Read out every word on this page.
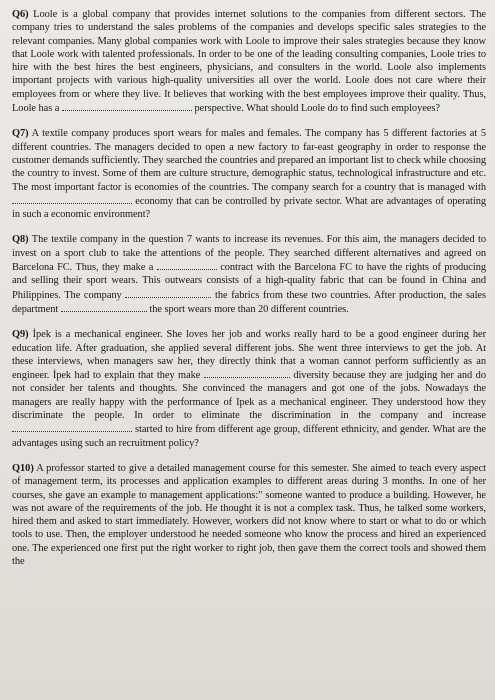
Q6) Loole is a global company that provides internet solutions to the companies from different sectors. The company tries to understand the sales problems of the companies and develops specific sales strategies to the relevant companies. Many global companies work with Loole to improve their sales strategies because they know that Loole work with talented professionals. In order to be one of the leading consulting companies, Loole tries to hire with the best hires the best engineers, physicians, and consulters in the world. Loole also implements important projects with various high-quality universities all over the world. Loole does not care where their employees from or where they live. It believes that working with the best employees improve their quality. Thus, Loole has a	perspective. What should Loole do to find such employees?

Q7) A textile company produces sport wears for males and females. The company has 5 different factories at 5 different countries. The managers decided to open a new factory to far-east geography in order to response the customer demands sufficiently. They searched the countries and prepared an important list to check while choosing the country to invest. Some of them are culture structure, demographic status, technological infrastructure and etc. The most important factor is economies of the countries. The company search for a country that is managed with  economy that can be controlled by private sector. What are advantages of operating in such a economic environment?

Q8) The textile company in the question 7 wants to increase its revenues. For this aim, the managers decided to invest on a sport club to take the attentions of the people. They searched different alternatives and agreed on Barcelona FC. Thus, they make a	contract with the Barcelona FC to have the rights of producing and selling their sport wears. This outwears consists of a high-quality fabric that can be found in China and Philippines. The company	the fabrics from these two countries. After production, the sales department	the sport wears more than 20 different countries.

Q9) İpek is a mechanical engineer. She loves her job and works really hard to be a good engineer during her education life. After graduation, she applied several different jobs. She went three interviews to get the job. At these interviews, when managers saw her, they directly think that a woman cannot perform sufficiently as an engineer. İpek had to explain that they make	diversity because they are judging her and do not consider her talents and thoughts. She convinced the managers and got one of the jobs. Nowadays the managers are really happy with the performance of Ipek as a mechanical engineer. They understood how they discriminate the people. In order to eliminate the discrimination in the company and increase  started to hire from different age group, different ethnicity, and gender. What are the advantages using such an recruitment policy?

Q10) A professor started to give a detailed management course for this semester. She aimed to teach every aspect of management term, its processes and application examples to different areas during 3 months. In one of her courses, she gave an example to management applications:" someone wanted to produce a building. However, he was not aware of the requirements of the job. He thought it is not a complex task. Thus, he talked some workers, hired them and asked to start immediately. However, workers did not know where to start or what to do or which tools to use. Then, the employer understood he needed someone who know the process and hired an experienced one. The experienced one first put the right worker to right job, then gave them the correct tools and showed them the
